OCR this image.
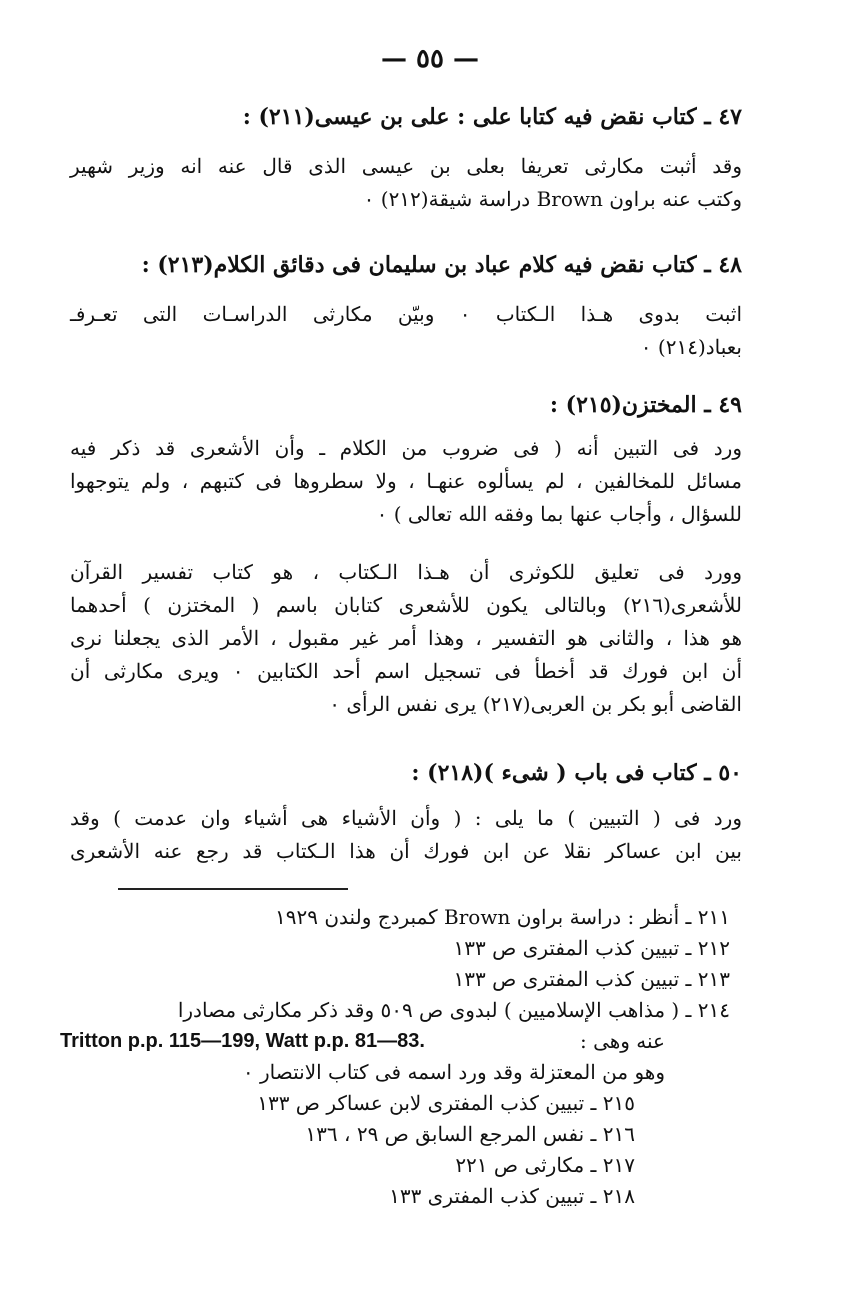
— ٥٥ —
٤٧ ـ كتاب نقض فيه كتابا على : على بن عيسى(٢١١) :
وقد أثبت مكارثى تعريفا بعلى بن عيسى الذى قال عنه انه وزير شهير
وكتب عنه براون Brown دراسة شيقة(٢١٢) ٠
٤٨ ـ كتاب نقض فيه كلام عباد بن سليمان فى دقائق الكلام(٢١٣) :
اثبت بدوى هـذا الـكتاب ٠ وبيّن مكارثى الدراسـات التى تعـرفـ
بعباد(٢١٤) ٠
٤٩ ـ المختزن(٢١٥) :
ورد فى التبين أنه ( فى ضروب من الكلام ـ وأن الأشعرى قد ذكر فيه
مسائل للمخالفين ، لم يسألوه عنهـا ، ولا سطروها فى كتبهم ، ولم يتوجهوا
للسؤال ، وأجاب عنها بما وفقه الله تعالى ) ٠
وورد فى تعليق للكوثرى أن هـذا الـكتاب ، هو كتاب تفسير القرآن
للأشعرى(٢١٦) وبالتالى يكون للأشعرى كتابان باسم ( المختزن ) أحدهما
هو هذا ، والثانى هو التفسير ، وهذا أمر غير مقبول ، الأمر الذى يجعلنا نرى
أن ابن فورك قد أخطأ فى تسجيل اسم أحد الكتابين ٠ ويرى مكارثى أن
القاضى أبو بكر بن العربى(٢١٧) يرى نفس الرأى ٠
٥٠ ـ كتاب فى باب ( شىء )(٢١٨) :
ورد فى ( التبيين ) ما يلى : ( وأن الأشياء هى أشياء وان عدمت ) وقد
بين ابن عساكر نقلا عن ابن فورك أن هذا الـكتاب قد رجع عنه الأشعرى
٢١١ ـ أنظر : دراسة براون Brown كمبردج ولندن ١٩٢٩
٢١٢ ـ تبيين كذب المفترى ص ١٣٣
٢١٣ ـ تبيين كذب المفترى ص ١٣٣
٢١٤ ـ ( مذاهب الإسلاميين ) لبدوى ص ٥٠٩ وقد ذكر مكارثى مصادرا
عنه وهى :
Tritton p.p. 115—199, Watt p.p. 81—83.
وهو من المعتزلة وقد ورد اسمه فى كتاب الانتصار ٠
٢١٥ ـ تبيين كذب المفترى لابن عساكر ص ١٣٣
٢١٦ ـ نفس المرجع السابق ص ٢٩ ، ١٣٦
٢١٧ ـ مكارثى ص ٢٢١
٢١٨ ـ تبيين كذب المفترى ١٣٣
